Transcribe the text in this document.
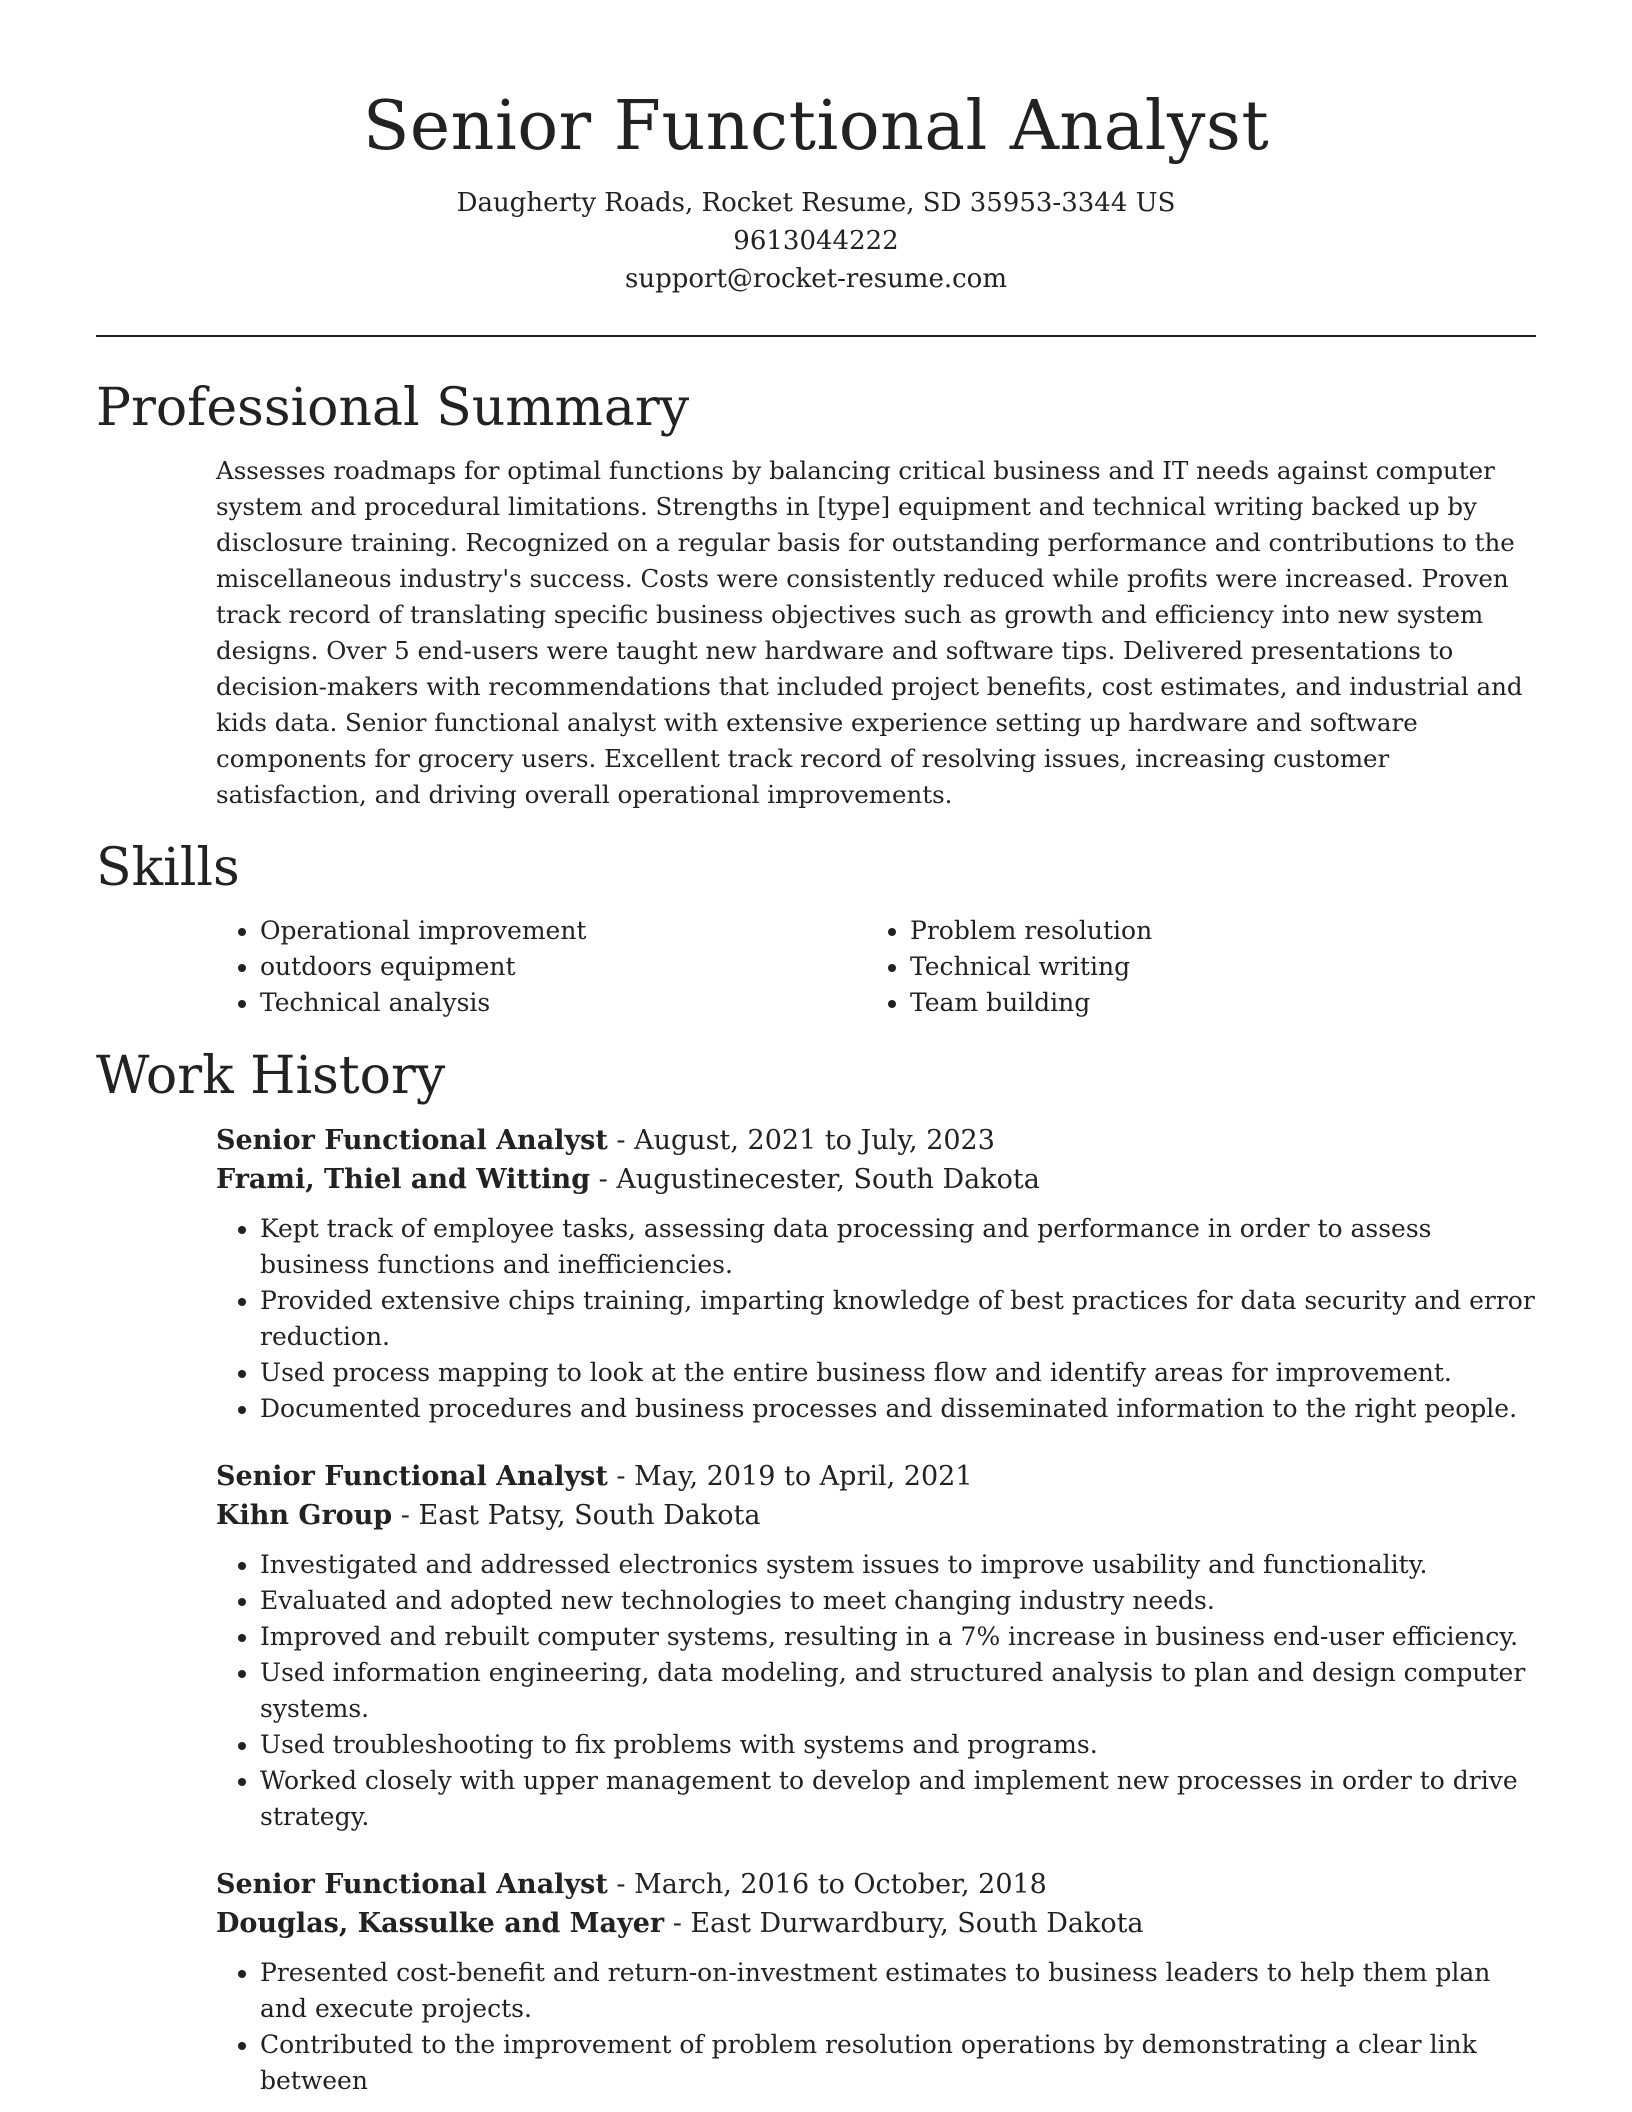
Senior Functional Analyst
Daugherty Roads, Rocket Resume, SD 35953-3344 US
9613044222
support@rocket-resume.com
Professional Summary

Assesses roadmaps for optimal functions by balancing critical business and IT needs against computer system and procedural limitations. Strengths in [type] equipment and technical writing backed up by disclosure training. Recognized on a regular basis for outstanding performance and contributions to the miscellaneous industry's success. Costs were consistently reduced while profits were increased. Proven track record of translating specific business objectives such as growth and efficiency into new system designs. Over 5 end-users were taught new hardware and software tips. Delivered presentations to decision-makers with recommendations that included project benefits, cost estimates, and industrial and kids data. Senior functional analyst with extensive experience setting up hardware and software components for grocery users. Excellent track record of resolving issues, increasing customer satisfaction, and driving overall operational improvements.

Skills
• Operational improvement
• outdoors equipment
• Technical analysis
• Problem resolution
• Technical writing
• Team building
Work History
Senior Functional Analyst - August, 2021 to July, 2023
Frami, Thiel and Witting - Augustinecester, South Dakota
• Kept track of employee tasks, assessing data processing and performance in order to assess business functions and inefficiencies.
• Provided extensive chips training, imparting knowledge of best practices for data security and error reduction.
• Used process mapping to look at the entire business flow and identify areas for improvement.
• Documented procedures and business processes and disseminated information to the right people.
Senior Functional Analyst - May, 2019 to April, 2021
Kihn Group - East Patsy, South Dakota
• Investigated and addressed electronics system issues to improve usability and functionality.
• Evaluated and adopted new technologies to meet changing industry needs.
• Improved and rebuilt computer systems, resulting in a 7% increase in business end-user efficiency.
• Used information engineering, data modeling, and structured analysis to plan and design computer systems.
• Used troubleshooting to fix problems with systems and programs.
• Worked closely with upper management to develop and implement new processes in order to drive strategy.
Senior Functional Analyst - March, 2016 to October, 2018
Douglas, Kassulke and Mayer - East Durwardbury, South Dakota
• Presented cost-benefit and return-on-investment estimates to business leaders to help them plan and execute projects.
• Contributed to the improvement of problem resolution operations by demonstrating a clear link between
